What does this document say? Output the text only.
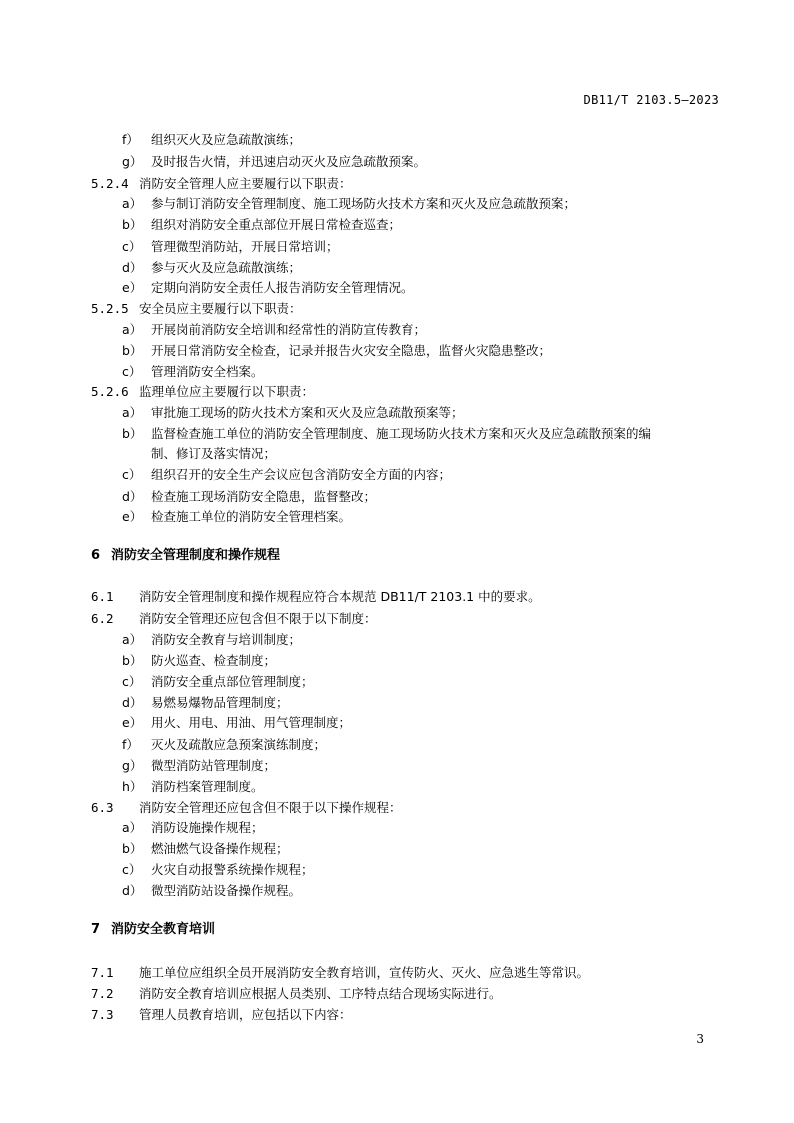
DB11/T 2103.5—2023
f） 组织灭火及应急疏散演练；
g） 及时报告火情，并迅速启动灭火及应急疏散预案。
5.2.4 消防安全管理人应主要履行以下职责：
a） 参与制订消防安全管理制度、施工现场防火技术方案和灭火及应急疏散预案；
b） 组织对消防安全重点部位开展日常检查巡查；
c） 管理微型消防站，开展日常培训；
d） 参与灭火及应急疏散演练；
e） 定期向消防安全责任人报告消防安全管理情况。
5.2.5 安全员应主要履行以下职责：
a） 开展岗前消防安全培训和经常性的消防宣传教育；
b） 开展日常消防安全检查，记录并报告火灾安全隐患，监督火灾隐患整改；
c） 管理消防安全档案。
5.2.6 监理单位应主要履行以下职责：
a） 审批施工现场的防火技术方案和灭火及应急疏散预案等；
b） 监督检查施工单位的消防安全管理制度、施工现场防火技术方案和灭火及应急疏散预案的编
制、修订及落实情况；
c） 组织召开的安全生产会议应包含消防安全方面的内容；
d） 检查施工现场消防安全隐患，监督整改；
e） 检查施工单位的消防安全管理档案。
6 消防安全管理制度和操作规程
6.1 消防安全管理制度和操作规程应符合本规范 DB11/T 2103.1 中的要求。
6.2 消防安全管理还应包含但不限于以下制度：
a） 消防安全教育与培训制度；
b） 防火巡查、检查制度；
c） 消防安全重点部位管理制度；
d） 易燃易爆物品管理制度；
e） 用火、用电、用油、用气管理制度；
f） 灭火及疏散应急预案演练制度；
g） 微型消防站管理制度；
h） 消防档案管理制度。
6.3 消防安全管理还应包含但不限于以下操作规程：
a） 消防设施操作规程；
b） 燃油燃气设备操作规程；
c） 火灾自动报警系统操作规程；
d） 微型消防站设备操作规程。
7 消防安全教育培训
7.1 施工单位应组织全员开展消防安全教育培训，宣传防火、灭火、应急逃生等常识。
7.2 消防安全教育培训应根据人员类别、工序特点结合现场实际进行。
7.3 管理人员教育培训，应包括以下内容：
3
